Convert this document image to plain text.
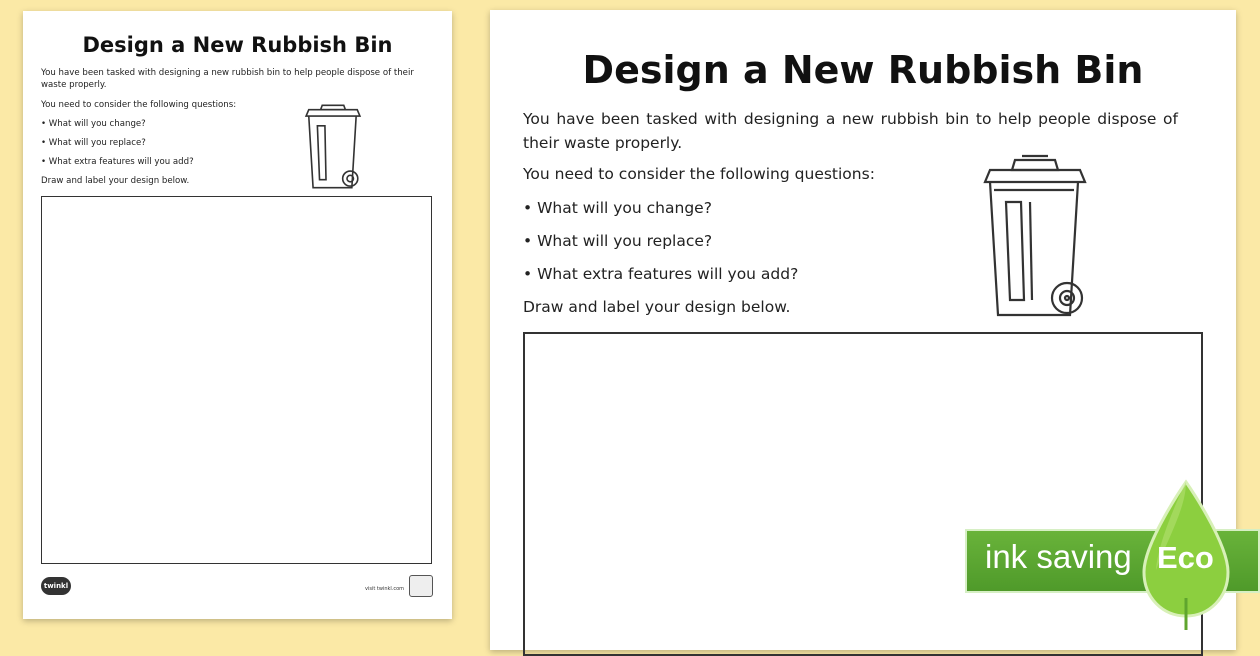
Design a New Rubbish Bin
You have been tasked with designing a new rubbish bin to help people dispose of their waste properly.
You need to consider the following questions:
• What will you change?
• What will you replace?
• What extra features will you add?
Draw and label your design below.
twinkl	visit twinkl.com
Design a New Rubbish Bin
You have been tasked with designing a new rubbish bin to help people dispose of their waste properly.
You need to consider the following questions:
• What will you change?
• What will you replace?
• What extra features will you add?
Draw and label your design below.
ink saving Eco
